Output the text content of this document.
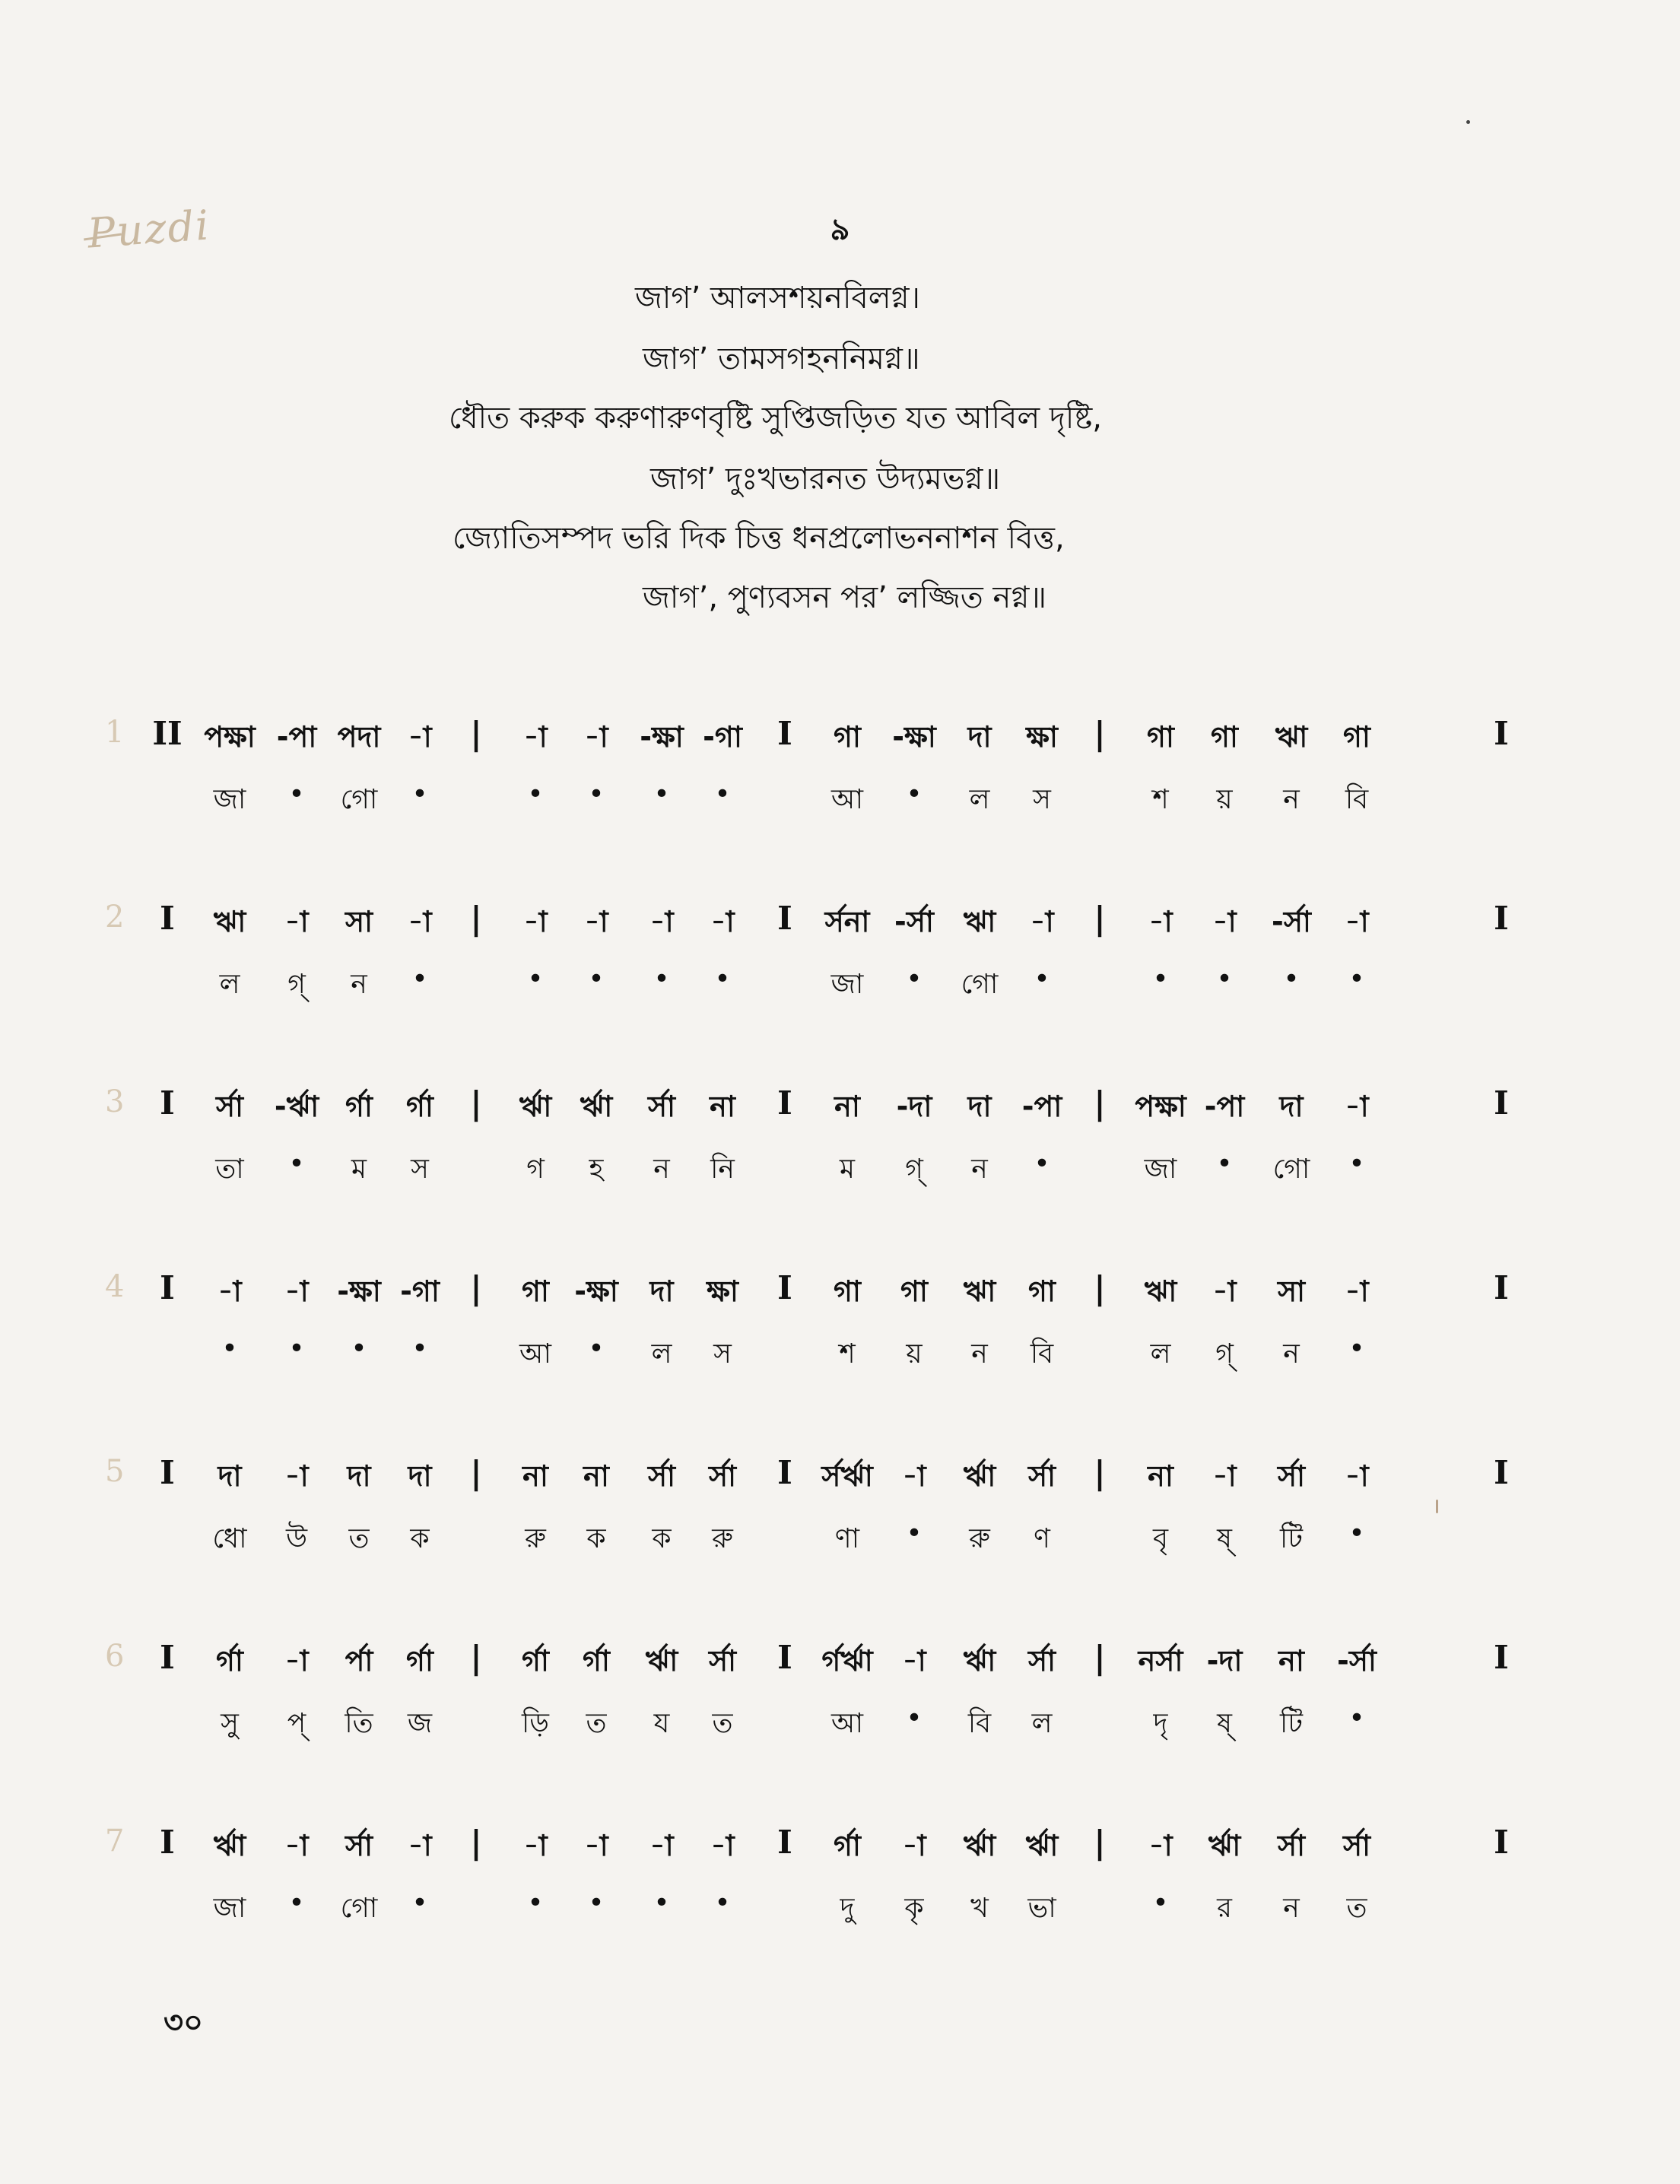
Puzdi	৯
জাগ’ আলসশয়নবিলগ্ন।
জাগ’ তামসগহননিমগ্ন॥
ধৌত করুক করুণারুণবৃষ্টি সুপ্তিজড়িত যত আবিল দৃষ্টি,
জাগ’ দুঃখভারনত উদ্যমভগ্ন॥
জ্যোতিসম্পদ ভরি দিক চিত্ত ধনপ্রলোভননাশন বিত্ত,
জাগ’, পুণ্যবসন পর’ লজ্জিত নগ্ন॥
1 II পক্ষা -পা পদা -া | -া -া -ক্ষা -গা I গা -ক্ষা দা ক্ষা | গা গা ঋা গা	I
জা • গো •	• • • •	আ • ল স	শ য় ন বি
2 I ঋা -া সা -া | -া -া -া -া I র্সনা -র্সা ঋা -া | -া -া -র্সা -া	I
ল গ্ ন •	• • • •	জা • গো •	• • • •
3 I র্সা -র্ঋা র্গা র্গা | র্ঋা র্ঋা র্সা না I না -দা দা -পা | পক্ষা -পা দা -া	I
তা • ম স	গ হ ন নি	ম গ্ ন •	জা • গো •
4 I -া -া -ক্ষা -গা | গা -ক্ষা দা ক্ষা I গা গা ঋা গা | ঋা -া সা -া	I
• • • •	আ • ল স	শ য় ন বি	ল গ্ ন •
5 I দা -া দা দা | না না র্সা র্সা I র্সর্ঋা -া র্ঋা র্সা | না -া র্সা -া	I
ধো উ ত ক	রু ক ক রু	ণা • রু ণ	বৃ ষ্ টি •
6 I র্গা -া র্পা র্গা | র্গা র্গা র্ঋা র্সা I র্গর্ঋা -া র্ঋা র্সা | নর্সা -দা না -র্সা	I
সু প্ তি জ	ড়ি ত য ত	আ • বি ল	দৃ ষ্ টি •
7 I র্ঋা -া র্সা -া | -া -া -া -া I র্গা -া র্ঋা র্ঋা | -া র্ঋা র্সা র্সা	I
জা • গো •	• • • •	দু কৃ খ ভা	• র ন ত
৩০
